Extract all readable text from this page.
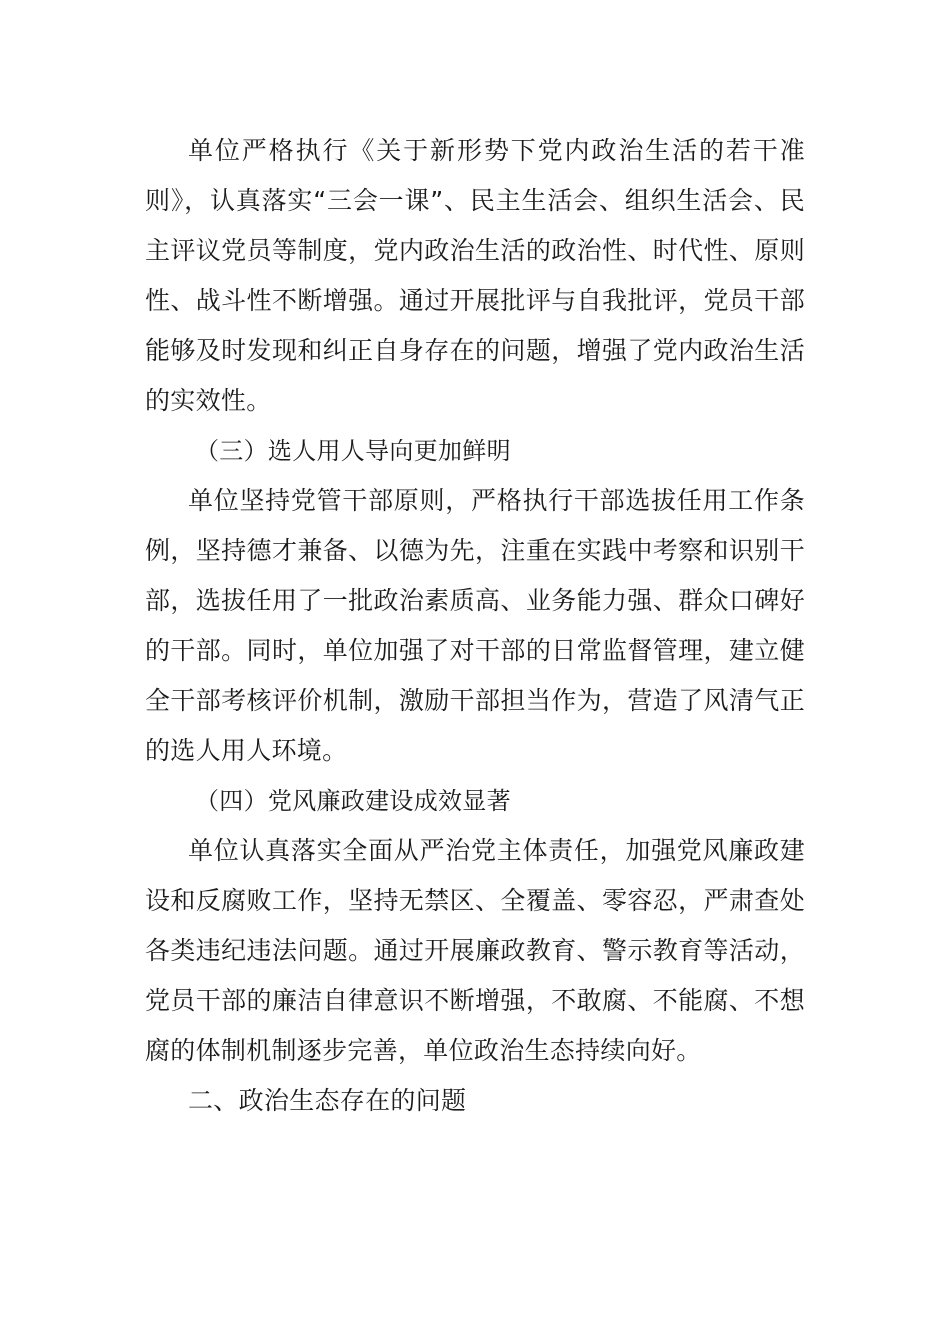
单位严格执行《关于新形势下党内政治生活的若干准则》，认真落实“三会一课”、民主生活会、组织生活会、民主评议党员等制度，党内政治生活的政治性、时代性、原则性、战斗性不断增强。通过开展批评与自我批评，党员干部能够及时发现和纠正自身存在的问题，增强了党内政治生活的实效性。

（三）选人用人导向更加鲜明

单位坚持党管干部原则，严格执行干部选拔任用工作条例，坚持德才兼备、以德为先，注重在实践中考察和识别干部，选拔任用了一批政治素质高、业务能力强、群众口碑好的干部。同时，单位加强了对干部的日常监督管理，建立健全干部考核评价机制，激励干部担当作为，营造了风清气正的选人用人环境。

（四）党风廉政建设成效显著

单位认真落实全面从严治党主体责任，加强党风廉政建设和反腐败工作，坚持无禁区、全覆盖、零容忍，严肃查处各类违纪违法问题。通过开展廉政教育、警示教育等活动，党员干部的廉洁自律意识不断增强，不敢腐、不能腐、不想腐的体制机制逐步完善，单位政治生态持续向好。

二、政治生态存在的问题
